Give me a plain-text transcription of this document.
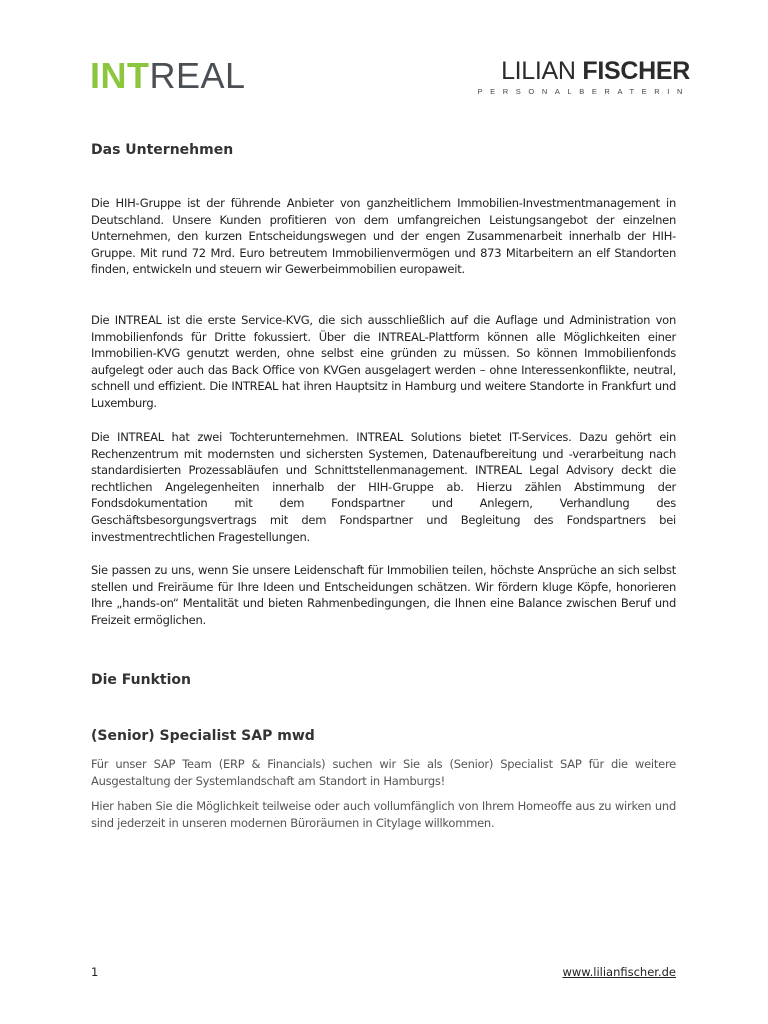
INTREAL	LILIAN FISCHER
PERSONALBERATERIN
Das Unternehmen

Die HIH-Gruppe ist der führende Anbieter von ganzheitlichem Immobilien-Investmentmanagement in Deutschland. Unsere Kunden profitieren von dem umfangreichen Leistungsangebot der einzelnen Unternehmen, den kurzen Entscheidungswegen und der engen Zusammenarbeit innerhalb der HIH-Gruppe. Mit rund 72 Mrd. Euro betreutem Immobilienvermögen und 873 Mitarbeitern an elf Standorten finden, entwickeln und steuern wir Gewerbeimmobilien europaweit.

Die INTREAL ist die erste Service-KVG, die sich ausschließlich auf die Auflage und Administration von Immobilienfonds für Dritte fokussiert. Über die INTREAL-Plattform können alle Möglichkeiten einer Immobilien-KVG genutzt werden, ohne selbst eine gründen zu müssen. So können Immobilienfonds aufgelegt oder auch das Back Office von KVGen ausgelagert werden – ohne Interessenkonflikte, neutral, schnell und effizient. Die INTREAL hat ihren Hauptsitz in Hamburg und weitere Standorte in Frankfurt und Luxemburg.

Die INTREAL hat zwei Tochterunternehmen. INTREAL Solutions bietet IT-Services. Dazu gehört ein Rechenzentrum mit modernsten und sichersten Systemen, Datenaufbereitung und -verarbeitung nach standardisierten Prozessabläufen und Schnittstellenmanagement. INTREAL Legal Advisory deckt die rechtlichen Angelegenheiten innerhalb der HIH-Gruppe ab. Hierzu zählen Abstimmung der Fondsdokumentation mit dem Fondspartner und Anlegern, Verhandlung des Geschäftsbesorgungsvertrags mit dem Fondspartner und Begleitung des Fondspartners bei investmentrechtlichen Fragestellungen.

Sie passen zu uns, wenn Sie unsere Leidenschaft für Immobilien teilen, höchste Ansprüche an sich selbst stellen und Freiräume für Ihre Ideen und Entscheidungen schätzen. Wir fördern kluge Köpfe, honorieren Ihre „hands-on“ Mentalität und bieten Rahmenbedingungen, die Ihnen eine Balance zwischen Beruf und Freizeit ermöglichen.

Die Funktion
(Senior) Specialist SAP mwd

Für unser SAP Team (ERP & Financials) suchen wir Sie als (Senior) Specialist SAP für die weitere Ausgestaltung der Systemlandschaft am Standort in Hamburgs!

Hier haben Sie die Möglichkeit teilweise oder auch vollumfänglich von Ihrem Homeoffe aus zu wirken und sind jederzeit in unseren modernen Büroräumen in Citylage willkommen.

1	www.lilianfischer.de
